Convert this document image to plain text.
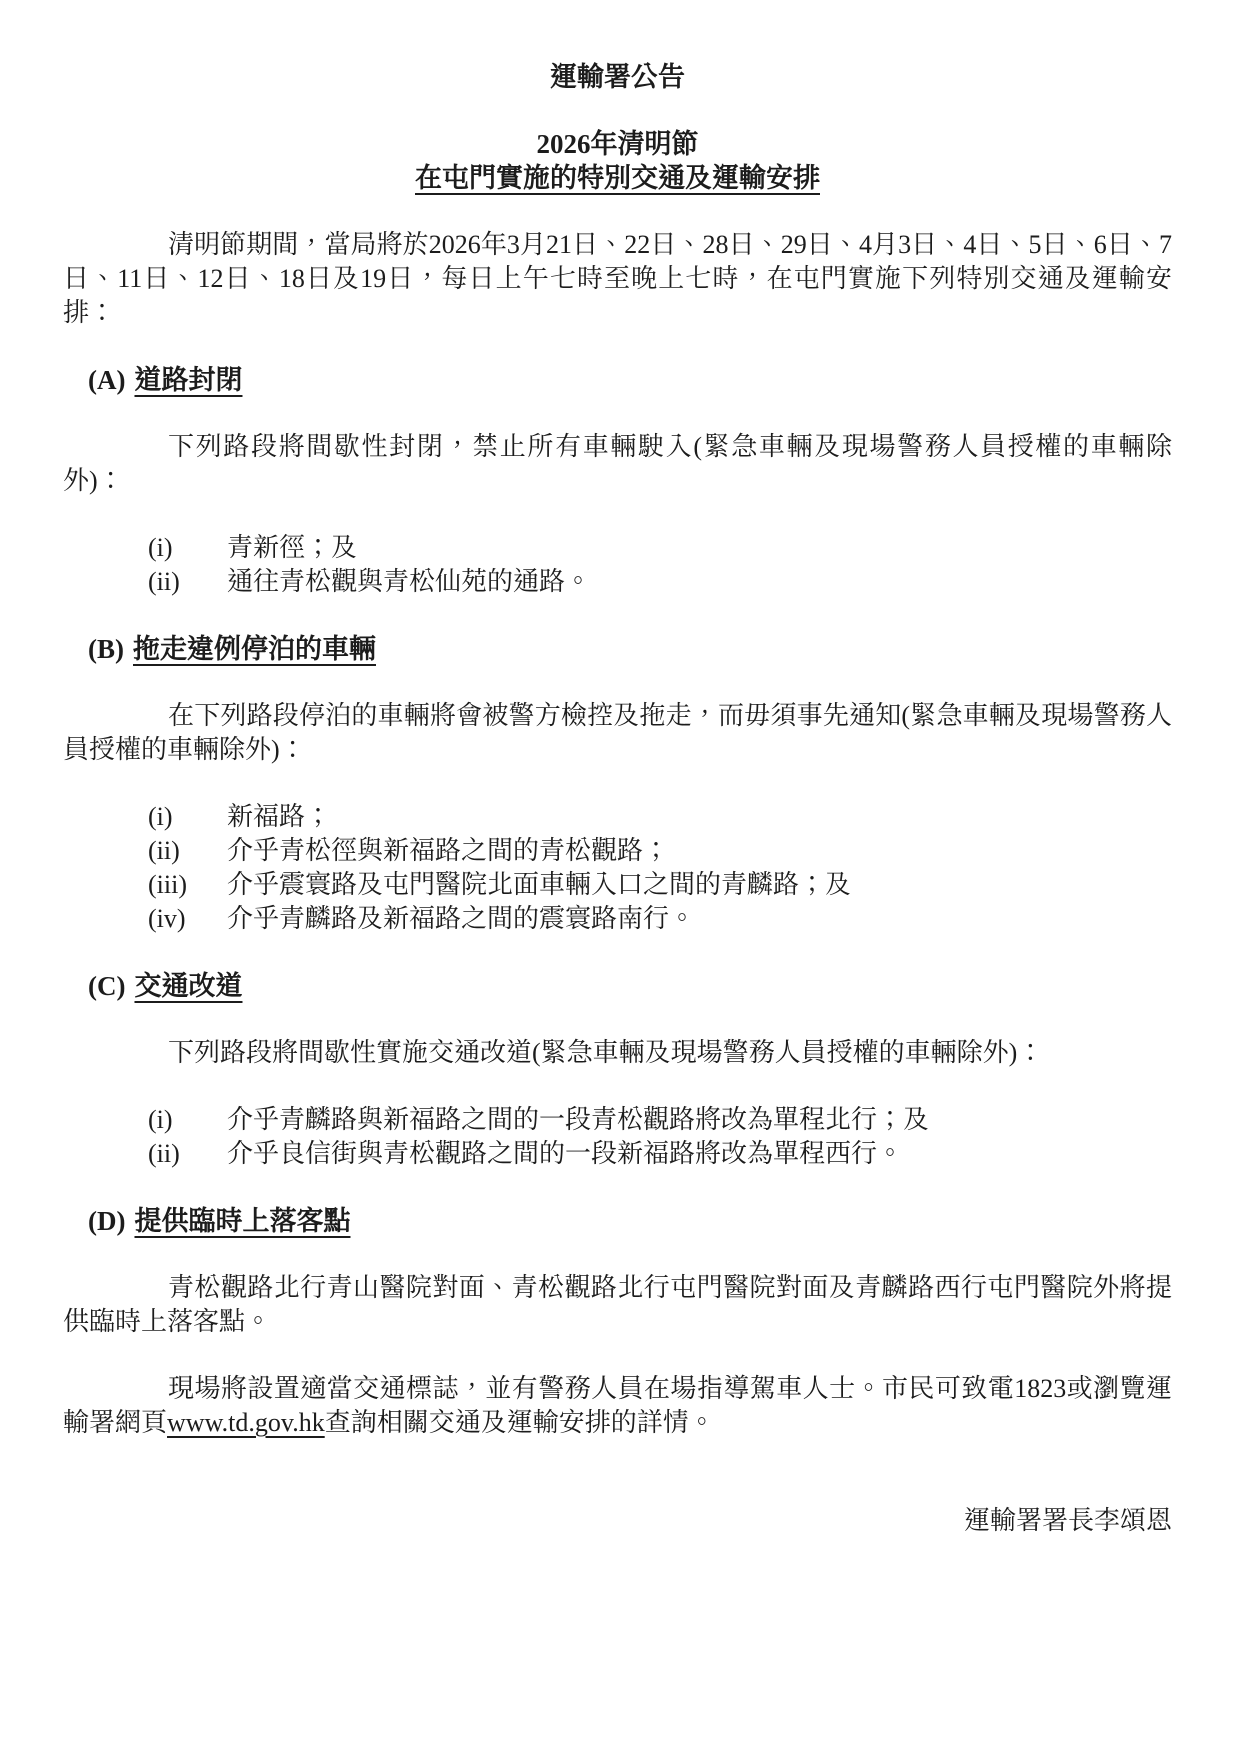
運輸署公告
2026年清明節
在屯門實施的特別交通及運輸安排

清明節期間，當局將於2026年3月21日、22日、28日、29日、4月3日、4日、5日、6日、7日、11日、12日、18日及19日，每日上午七時至晚上七時，在屯門實施下列特別交通及運輸安排：

(A) 道路封閉

下列路段將間歇性封閉，禁止所有車輛駛入(緊急車輛及現場警務人員授權的車輛除外)：

(i)	青新徑；及
(ii)	通往青松觀與青松仙苑的通路。
(B) 拖走違例停泊的車輛

在下列路段停泊的車輛將會被警方檢控及拖走，而毋須事先通知(緊急車輛及現場警務人員授權的車輛除外)：

(i)	新福路；
(ii)	介乎青松徑與新福路之間的青松觀路；
(iii)	介乎震寰路及屯門醫院北面車輛入口之間的青麟路；及
(iv)	介乎青麟路及新福路之間的震寰路南行。
(C) 交通改道

下列路段將間歇性實施交通改道(緊急車輛及現場警務人員授權的車輛除外)：

(i)	介乎青麟路與新福路之間的一段青松觀路將改為單程北行；及
(ii)	介乎良信街與青松觀路之間的一段新福路將改為單程西行。
(D) 提供臨時上落客點

青松觀路北行青山醫院對面、青松觀路北行屯門醫院對面及青麟路西行屯門醫院外將提供臨時上落客點。

現場將設置適當交通標誌，並有警務人員在場指導駕車人士。市民可致電1823或瀏覽運輸署網頁www.td.gov.hk查詢相關交通及運輸安排的詳情。

運輸署署長李頌恩
